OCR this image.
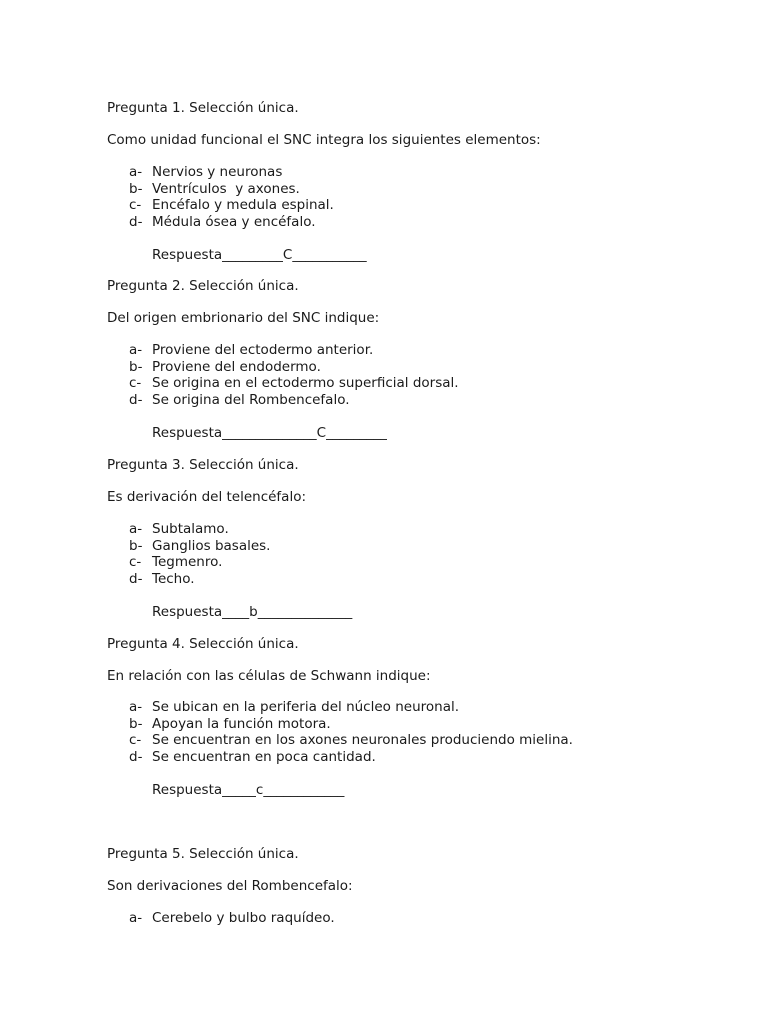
Pregunta 1. Selección única.
Como unidad funcional el SNC integra los siguientes elementos:
a- Nervios y neuronas
b- Ventrículos  y axones.
c- Encéfalo y medula espinal.
d- Médula ósea y encéfalo.
Respuesta_________C___________
Pregunta 2. Selección única.
Del origen embrionario del SNC indique:
a- Proviene del ectodermo anterior.
b- Proviene del endodermo.
c- Se origina en el ectodermo superficial dorsal.
d- Se origina del Rombencefalo.
Respuesta______________C_________
Pregunta 3. Selección única.
Es derivación del telencéfalo:
a- Subtalamo.
b- Ganglios basales.
c- Tegmenro.
d- Techo.
Respuesta____b______________
Pregunta 4. Selección única.
En relación con las células de Schwann indique:
a- Se ubican en la periferia del núcleo neuronal.
b- Apoyan la función motora.
c- Se encuentran en los axones neuronales produciendo mielina.
d- Se encuentran en poca cantidad.
Respuesta_____c____________
Pregunta 5. Selección única.
Son derivaciones del Rombencefalo:
a- Cerebelo y bulbo raquídeo.
